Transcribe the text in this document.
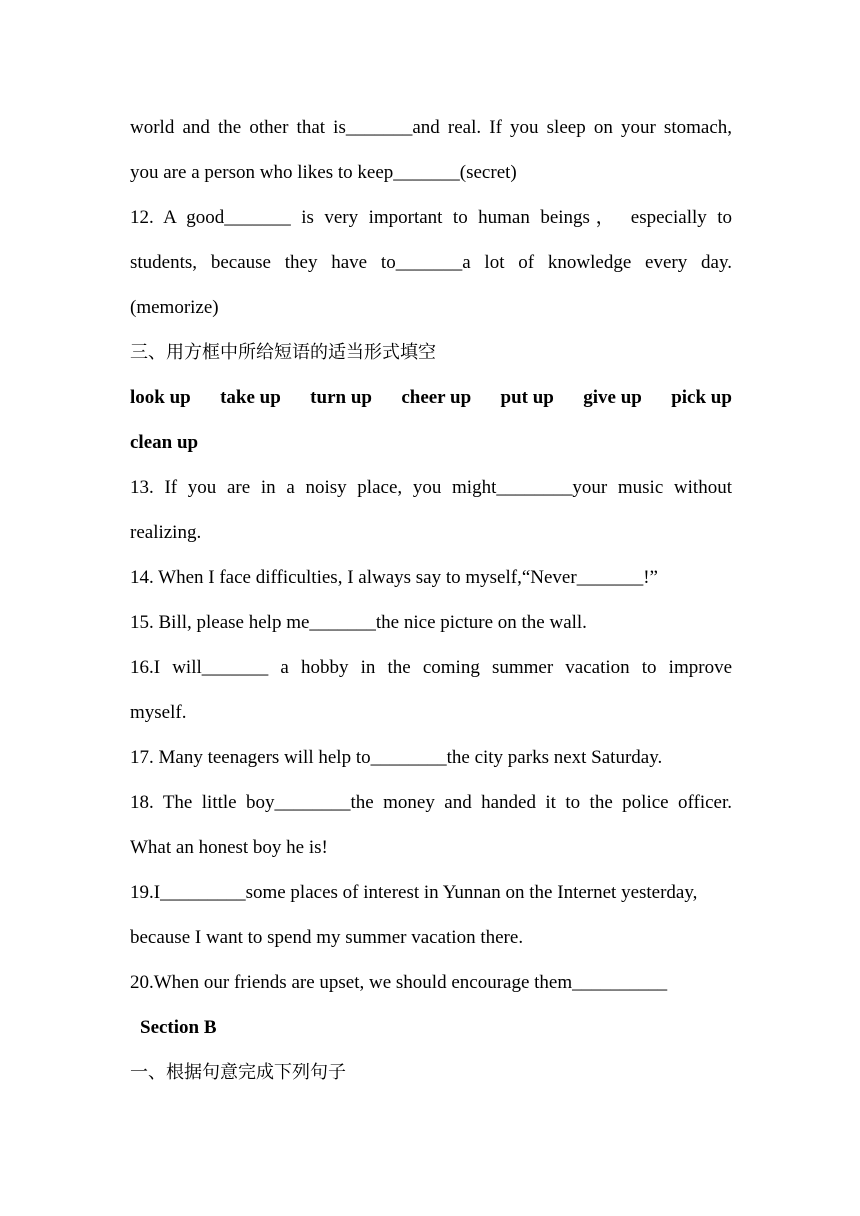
world and the other that is_______and real. If you sleep on your stomach,
you are a person who likes to keep_______(secret)
12. A good_______ is very important to human beings， especially to
students, because they have to_______a lot of knowledge every day.
(memorize)
三、用方框中所给短语的适当形式填空
look up take up turn up cheer up put up give up pick up
clean up
13. If you are in a noisy place, you might________your music without
realizing.
14. When I face difficulties, I always say to myself,“Never_______!”
15. Bill, please help me_______the nice picture on the wall.
16.I will_______ a hobby in the coming summer vacation to improve
myself.
17. Many teenagers will help to________the city parks next Saturday.
18. The little boy________the money and handed it to the police officer.
What an honest boy he is!
19.I_________some places of interest in Yunnan on the Internet yesterday,
because I want to spend my summer vacation there.
20.When our friends are upset, we should encourage them__________
Section B
一、根据句意完成下列句子
